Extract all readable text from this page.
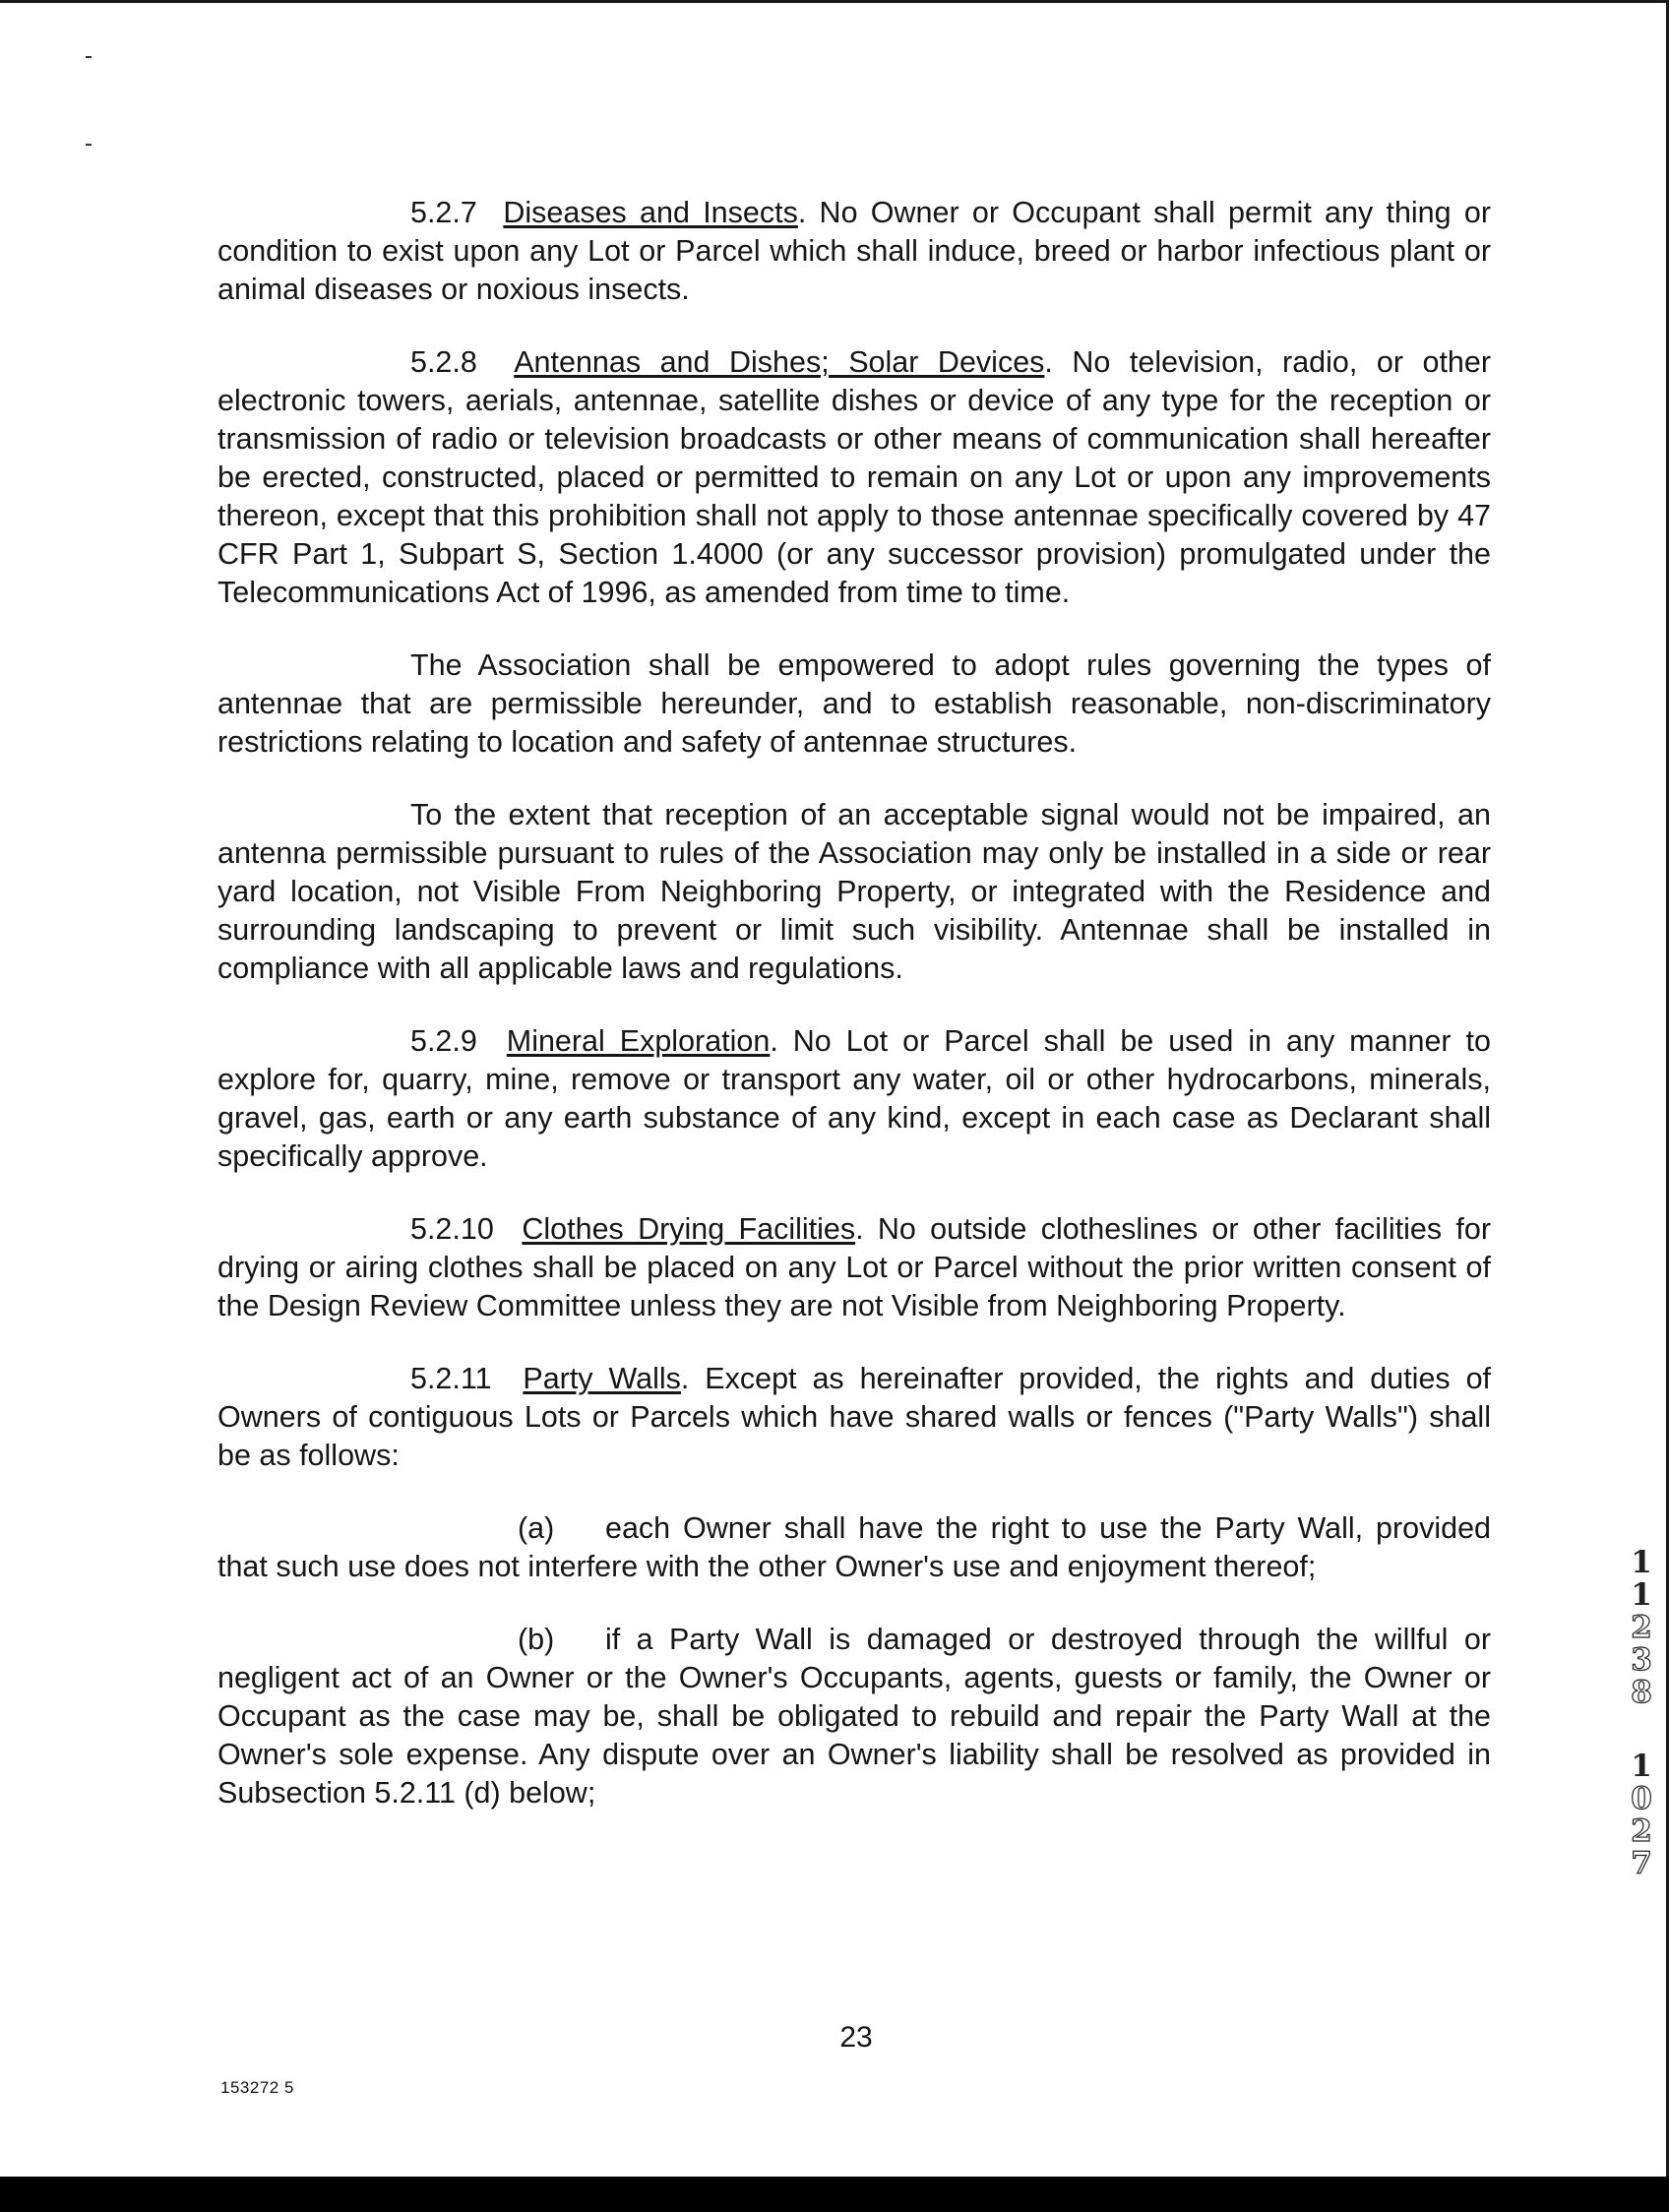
5.2.7 Diseases and Insects. No Owner or Occupant shall permit any thing or condition to exist upon any Lot or Parcel which shall induce, breed or harbor infectious plant or animal diseases or noxious insects.

5.2.8 Antennas and Dishes; Solar Devices. No television, radio, or other electronic towers, aerials, antennae, satellite dishes or device of any type for the reception or transmission of radio or television broadcasts or other means of communication shall hereafter be erected, constructed, placed or permitted to remain on any Lot or upon any improvements thereon, except that this prohibition shall not apply to those antennae specifically covered by 47 CFR Part 1, Subpart S, Section 1.4000 (or any successor provision) promulgated under the Telecommunications Act of 1996, as amended from time to time.

The Association shall be empowered to adopt rules governing the types of antennae that are permissible hereunder, and to establish reasonable, non-discriminatory restrictions relating to location and safety of antennae structures.

To the extent that reception of an acceptable signal would not be impaired, an antenna permissible pursuant to rules of the Association may only be installed in a side or rear yard location, not Visible From Neighboring Property, or integrated with the Residence and surrounding landscaping to prevent or limit such visibility. Antennae shall be installed in compliance with all applicable laws and regulations.

5.2.9 Mineral Exploration. No Lot or Parcel shall be used in any manner to explore for, quarry, mine, remove or transport any water, oil or other hydrocarbons, minerals, gravel, gas, earth or any earth substance of any kind, except in each case as Declarant shall specifically approve.

5.2.10 Clothes Drying Facilities. No outside clotheslines or other facilities for drying or airing clothes shall be placed on any Lot or Parcel without the prior written consent of the Design Review Committee unless they are not Visible from Neighboring Property.

5.2.11 Party Walls. Except as hereinafter provided, the rights and duties of Owners of contiguous Lots or Parcels which have shared walls or fences ("Party Walls") shall be as follows:

(a) each Owner shall have the right to use the Party Wall, provided that such use does not interfere with the other Owner's use and enjoyment thereof;

(b) if a Party Wall is damaged or destroyed through the willful or negligent act of an Owner or the Owner's Occupants, agents, guests or family, the Owner or Occupant as the case may be, shall be obligated to rebuild and repair the Party Wall at the Owner's sole expense. Any dispute over an Owner's liability shall be resolved as provided in Subsection 5.2.11 (d) below;

23
153272 5
1
1
2
3
8
1
0
2
7
